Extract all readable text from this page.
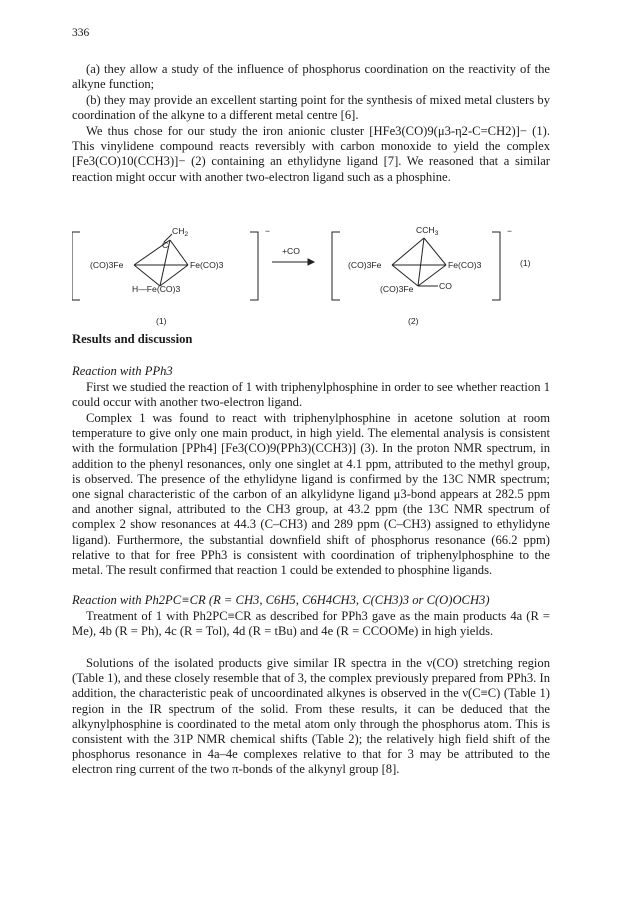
336
(a) they allow a study of the influence of phosphorus coordination on the reactivity of the alkyne function;
(b) they may provide an excellent starting point for the synthesis of mixed metal clusters by coordination of the alkyne to a different metal centre [6].
We thus chose for our study the iron anionic cluster [HFe3(CO)9(μ3-η2-C=CH2)]− (1). This vinylidene compound reacts reversibly with carbon monoxide to yield the complex [Fe3(CO)10(CCH3)]− (2) containing an ethylidyne ligand [7]. We reasoned that a similar reaction might occur with another two-electron ligand such as a phosphine.
$CH_2$
C
(CO)3Fe	Fe(CO)3
H—Fe(CO)3
−
+CO
$CCH_3$
(CO)3Fe	Fe(CO)3
(CO)3Fe	CO
−
(1)
(1)	(2)
Results and discussion
Reaction with PPh3
First we studied the reaction of 1 with triphenylphosphine in order to see whether reaction 1 could occur with another two-electron ligand.
Complex 1 was found to react with triphenylphosphine in acetone solution at room temperature to give only one main product, in high yield. The elemental analysis is consistent with the formulation [PPh4] [Fe3(CO)9(PPh3)(CCH3)] (3). In the proton NMR spectrum, in addition to the phenyl resonances, only one singlet at 4.1 ppm, attributed to the methyl group, is observed. The presence of the ethylidyne ligand is confirmed by the 13C NMR spectrum; one signal characteristic of the carbon of an alkylidyne ligand μ3-bond appears at 282.5 ppm and another signal, attributed to the CH3 group, at 43.2 ppm (the 13C NMR spectrum of complex 2 show resonances at 44.3 (C–CH3) and 289 ppm (C–CH3) assigned to ethylidyne ligand). Furthermore, the substantial downfield shift of phosphorus resonance (66.2 ppm) relative to that for free PPh3 is consistent with coordination of triphenylphosphine to the metal. The result confirmed that reaction 1 could be extended to phosphine ligands.
Reaction with Ph2PC≡CR (R = CH3, C6H5, C6H4CH3, C(CH3)3 or C(O)OCH3)
Treatment of 1 with Ph2PC≡CR as described for PPh3 gave as the main products 4a (R = Me), 4b (R = Ph), 4c (R = Tol), 4d (R = tBu) and 4e (R = CCOOMe) in high yields.
Solutions of the isolated products give similar IR spectra in the ν(CO) stretching region (Table 1), and these closely resemble that of 3, the complex previously prepared from PPh3. In addition, the characteristic peak of uncoordinated alkynes is observed in the ν(C≡C) (Table 1) region in the IR spectrum of the solid. From these results, it can be deduced that the alkynylphosphine is coordinated to the metal atom only through the phosphorus atom. This is consistent with the 31P NMR chemical shifts (Table 2); the relatively high field shift of the phosphorus resonance in 4a–4e complexes relative to that for 3 may be attributed to the electron ring current of the two π-bonds of the alkynyl group [8].
